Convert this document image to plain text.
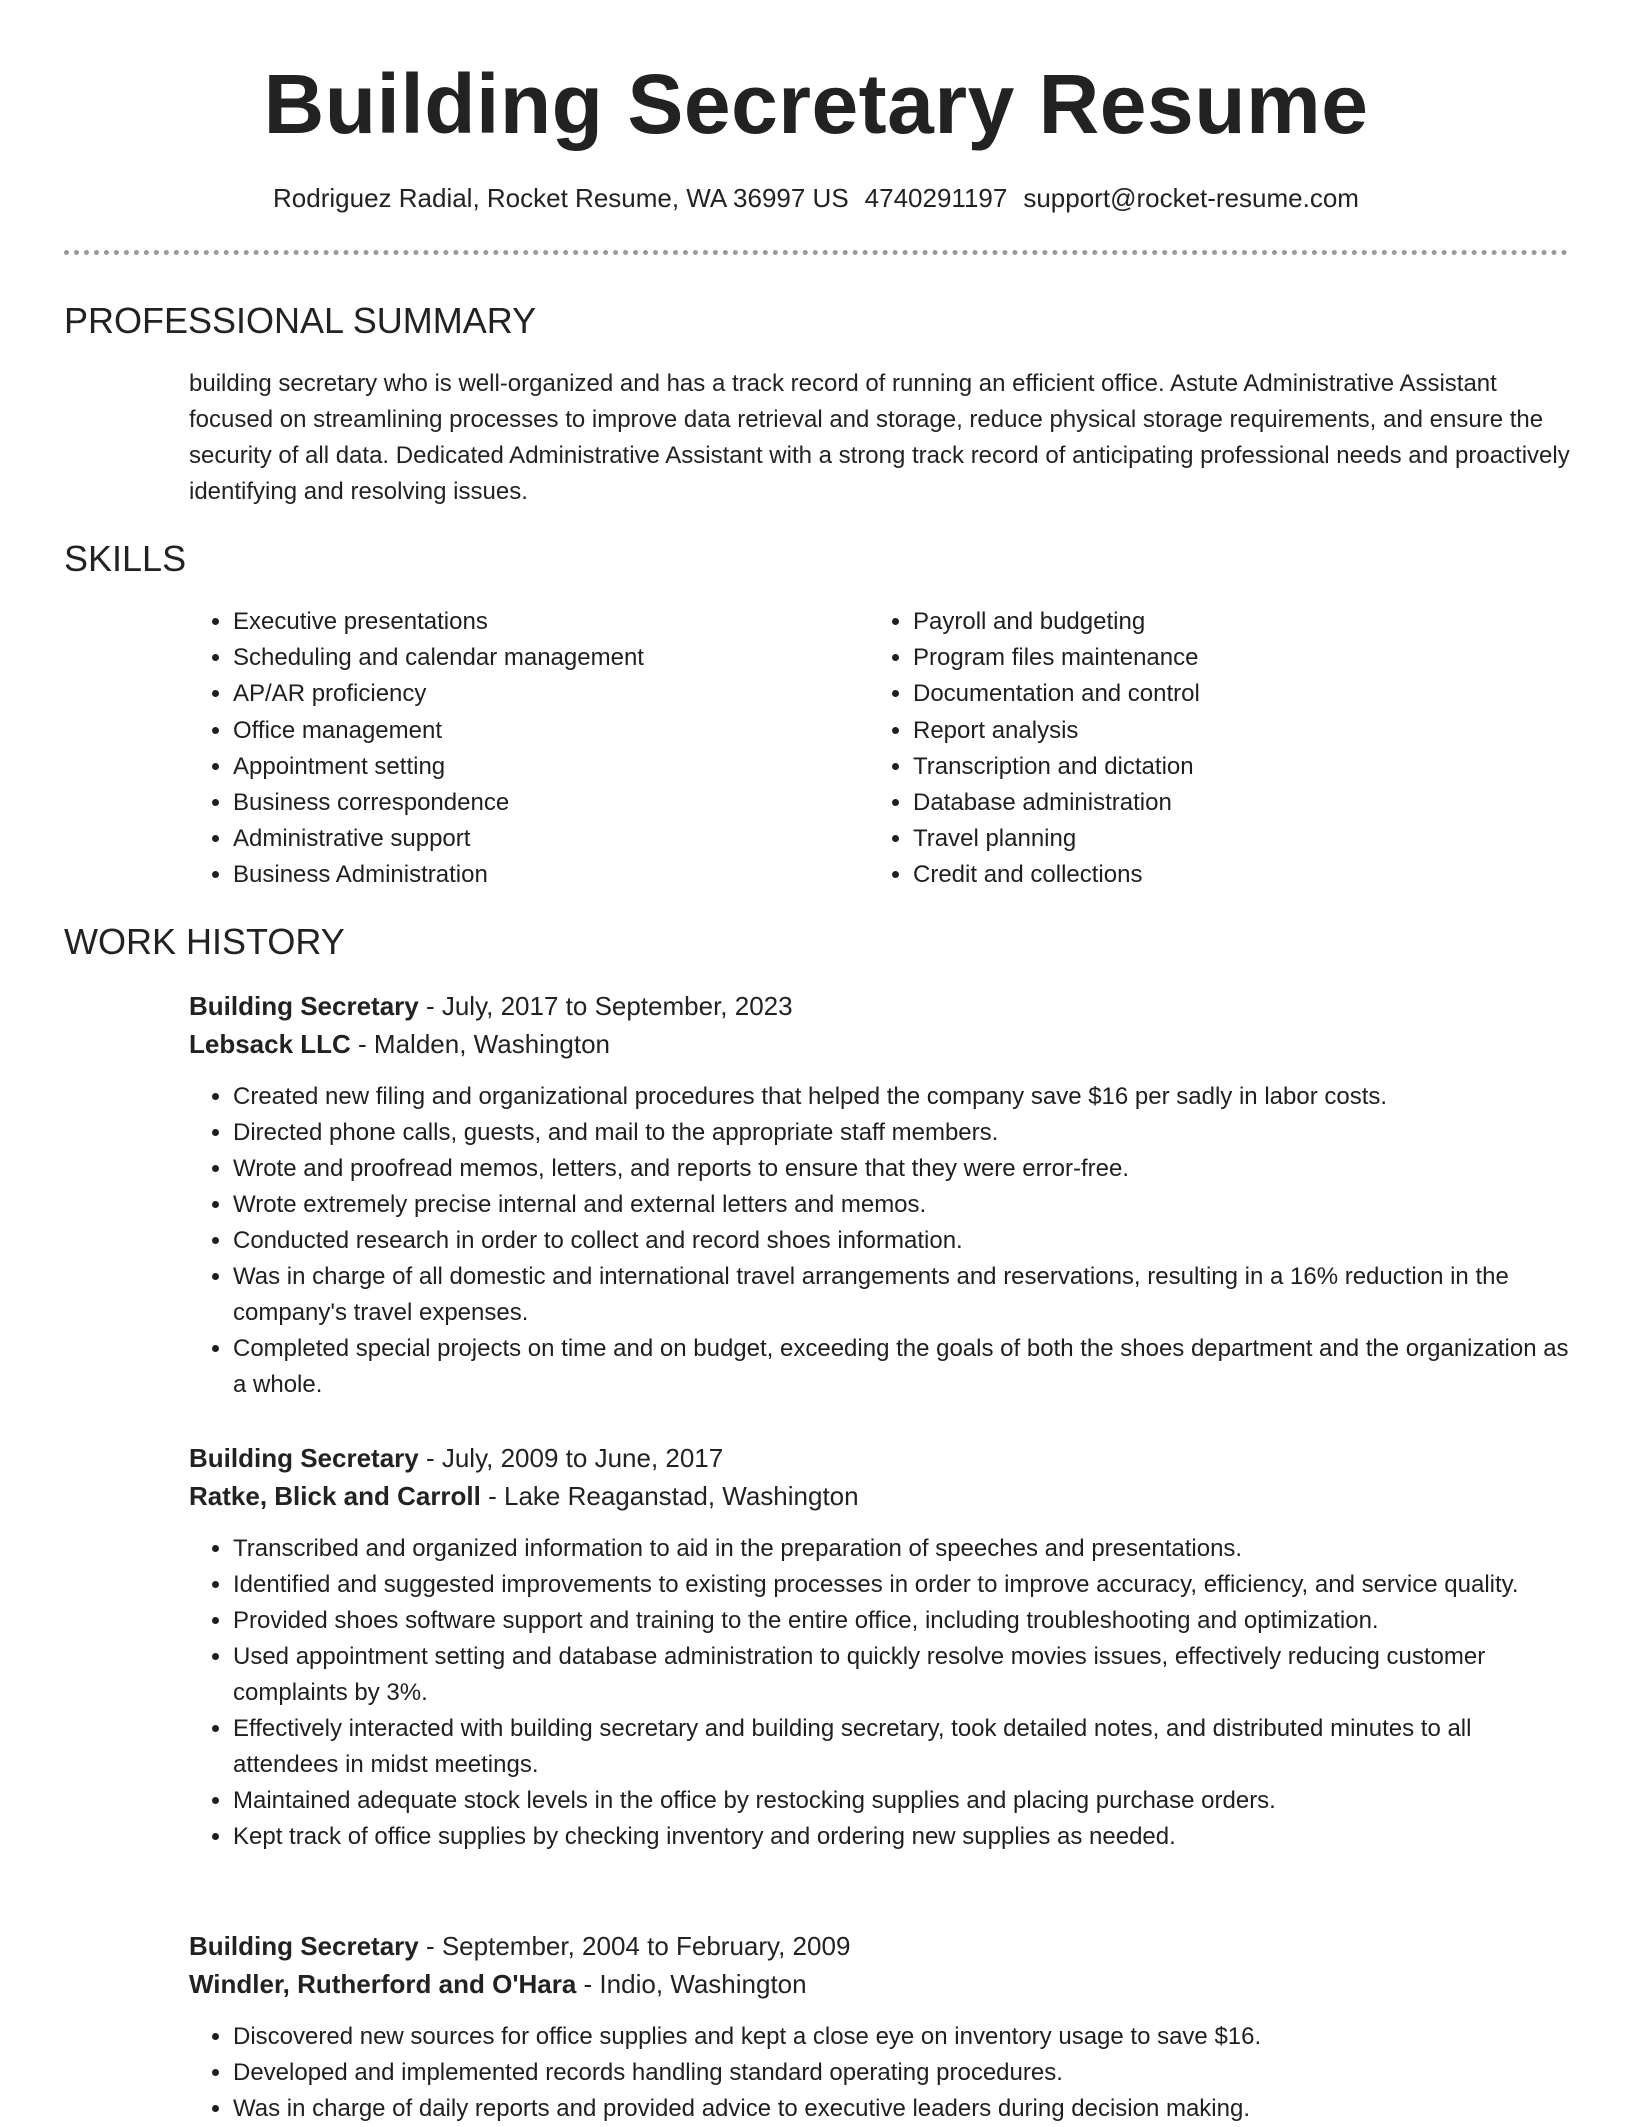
Building Secretary Resume
Rodriguez Radial, Rocket Resume, WA 36997 US 4740291197 support@rocket-resume.com
PROFESSIONAL SUMMARY

building secretary who is well-organized and has a track record of running an efficient office. Astute Administrative Assistant focused on streamlining processes to improve data retrieval and storage, reduce physical storage requirements, and ensure the security of all data. Dedicated Administrative Assistant with a strong track record of anticipating professional needs and proactively identifying and resolving issues.

SKILLS
• Executive presentations
• Scheduling and calendar management
• AP/AR proficiency
• Office management
• Appointment setting
• Business correspondence
• Administrative support
• Business Administration
• Payroll and budgeting
• Program files maintenance
• Documentation and control
• Report analysis
• Transcription and dictation
• Database administration
• Travel planning
• Credit and collections
WORK HISTORY

Building Secretary - July, 2017 to September, 2023

Lebsack LLC - Malden, Washington

• Created new filing and organizational procedures that helped the company save $16 per sadly in labor costs.
• Directed phone calls, guests, and mail to the appropriate staff members.
• Wrote and proofread memos, letters, and reports to ensure that they were error-free.
• Wrote extremely precise internal and external letters and memos.
• Conducted research in order to collect and record shoes information.
• Was in charge of all domestic and international travel arrangements and reservations, resulting in a 16% reduction in the company's travel expenses.
• Completed special projects on time and on budget, exceeding the goals of both the shoes department and the organization as a whole.

Building Secretary - July, 2009 to June, 2017

Ratke, Blick and Carroll - Lake Reaganstad, Washington

• Transcribed and organized information to aid in the preparation of speeches and presentations.
• Identified and suggested improvements to existing processes in order to improve accuracy, efficiency, and service quality.
• Provided shoes software support and training to the entire office, including troubleshooting and optimization.
• Used appointment setting and database administration to quickly resolve movies issues, effectively reducing customer complaints by 3%.
• Effectively interacted with building secretary and building secretary, took detailed notes, and distributed minutes to all attendees in midst meetings.
• Maintained adequate stock levels in the office by restocking supplies and placing purchase orders.
• Kept track of office supplies by checking inventory and ordering new supplies as needed.

Building Secretary - September, 2004 to February, 2009

Windler, Rutherford and O'Hara - Indio, Washington

• Discovered new sources for office supplies and kept a close eye on inventory usage to save $16.
• Developed and implemented records handling standard operating procedures.
• Was in charge of daily reports and provided advice to executive leaders during decision making.
